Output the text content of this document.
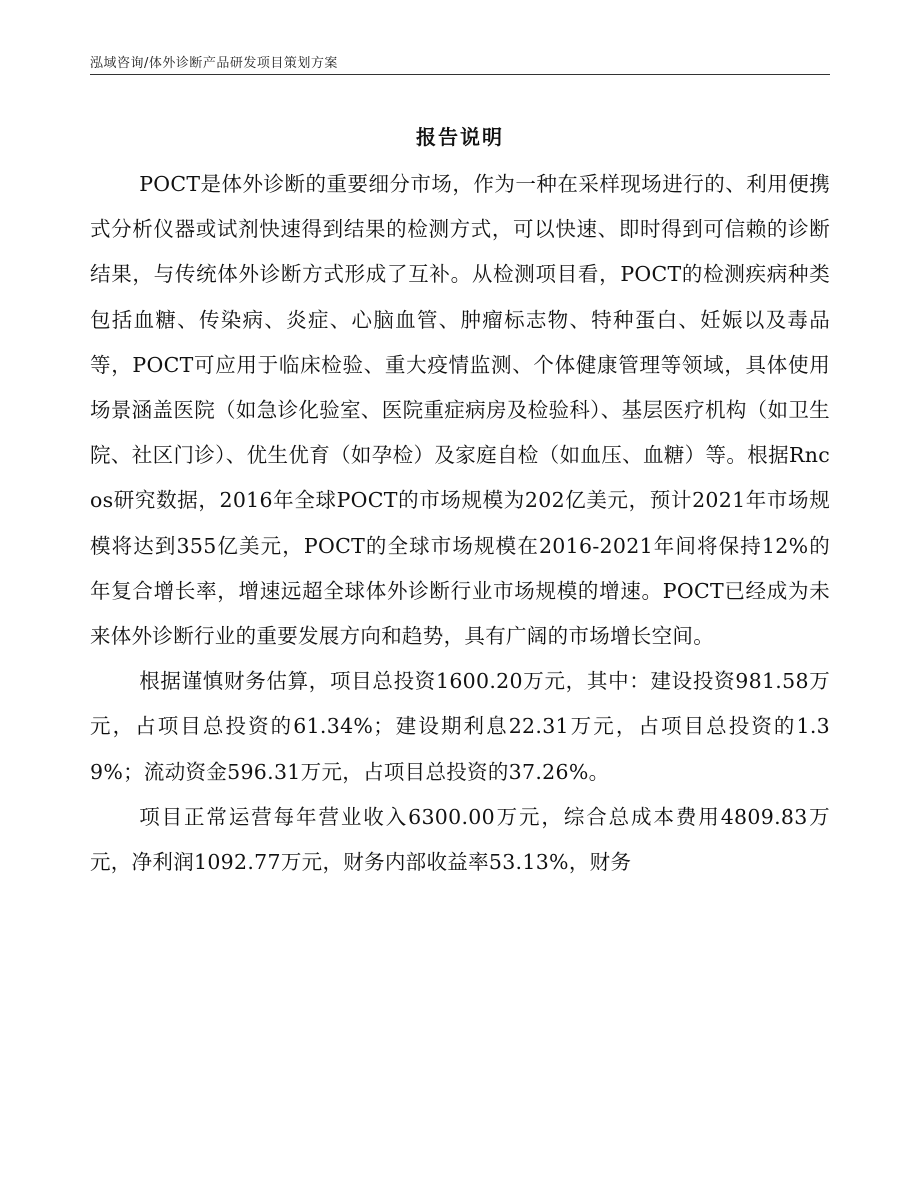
泓域咨询/体外诊断产品研发项目策划方案
报告说明

POCT是体外诊断的重要细分市场，作为一种在采样现场进行的、利用便携式分析仪器或试剂快速得到结果的检测方式，可以快速、即时得到可信赖的诊断结果，与传统体外诊断方式形成了互补。从检测项目看，POCT的检测疾病种类包括血糖、传染病、炎症、心脑血管、肿瘤标志物、特种蛋白、妊娠以及毒品等，POCT可应用于临床检验、重大疫情监测、个体健康管理等领域，具体使用场景涵盖医院（如急诊化验室、医院重症病房及检验科）、基层医疗机构（如卫生院、社区门诊）、优生优育（如孕检）及家庭自检（如血压、血糖）等。根据Rncos研究数据，2016年全球POCT的市场规模为202亿美元，预计2021年市场规模将达到355亿美元，POCT的全球市场规模在2016-2021年间将保持12%的年复合增长率，增速远超全球体外诊断行业市场规模的增速。POCT已经成为未来体外诊断行业的重要发展方向和趋势，具有广阔的市场增长空间。

根据谨慎财务估算，项目总投资1600.20万元，其中：建设投资981.58万元，占项目总投资的61.34%；建设期利息22.31万元，占项目总投资的1.39%；流动资金596.31万元，占项目总投资的37.26%。

项目正常运营每年营业收入6300.00万元，综合总成本费用4809.83万元，净利润1092.77万元，财务内部收益率53.13%，财务
